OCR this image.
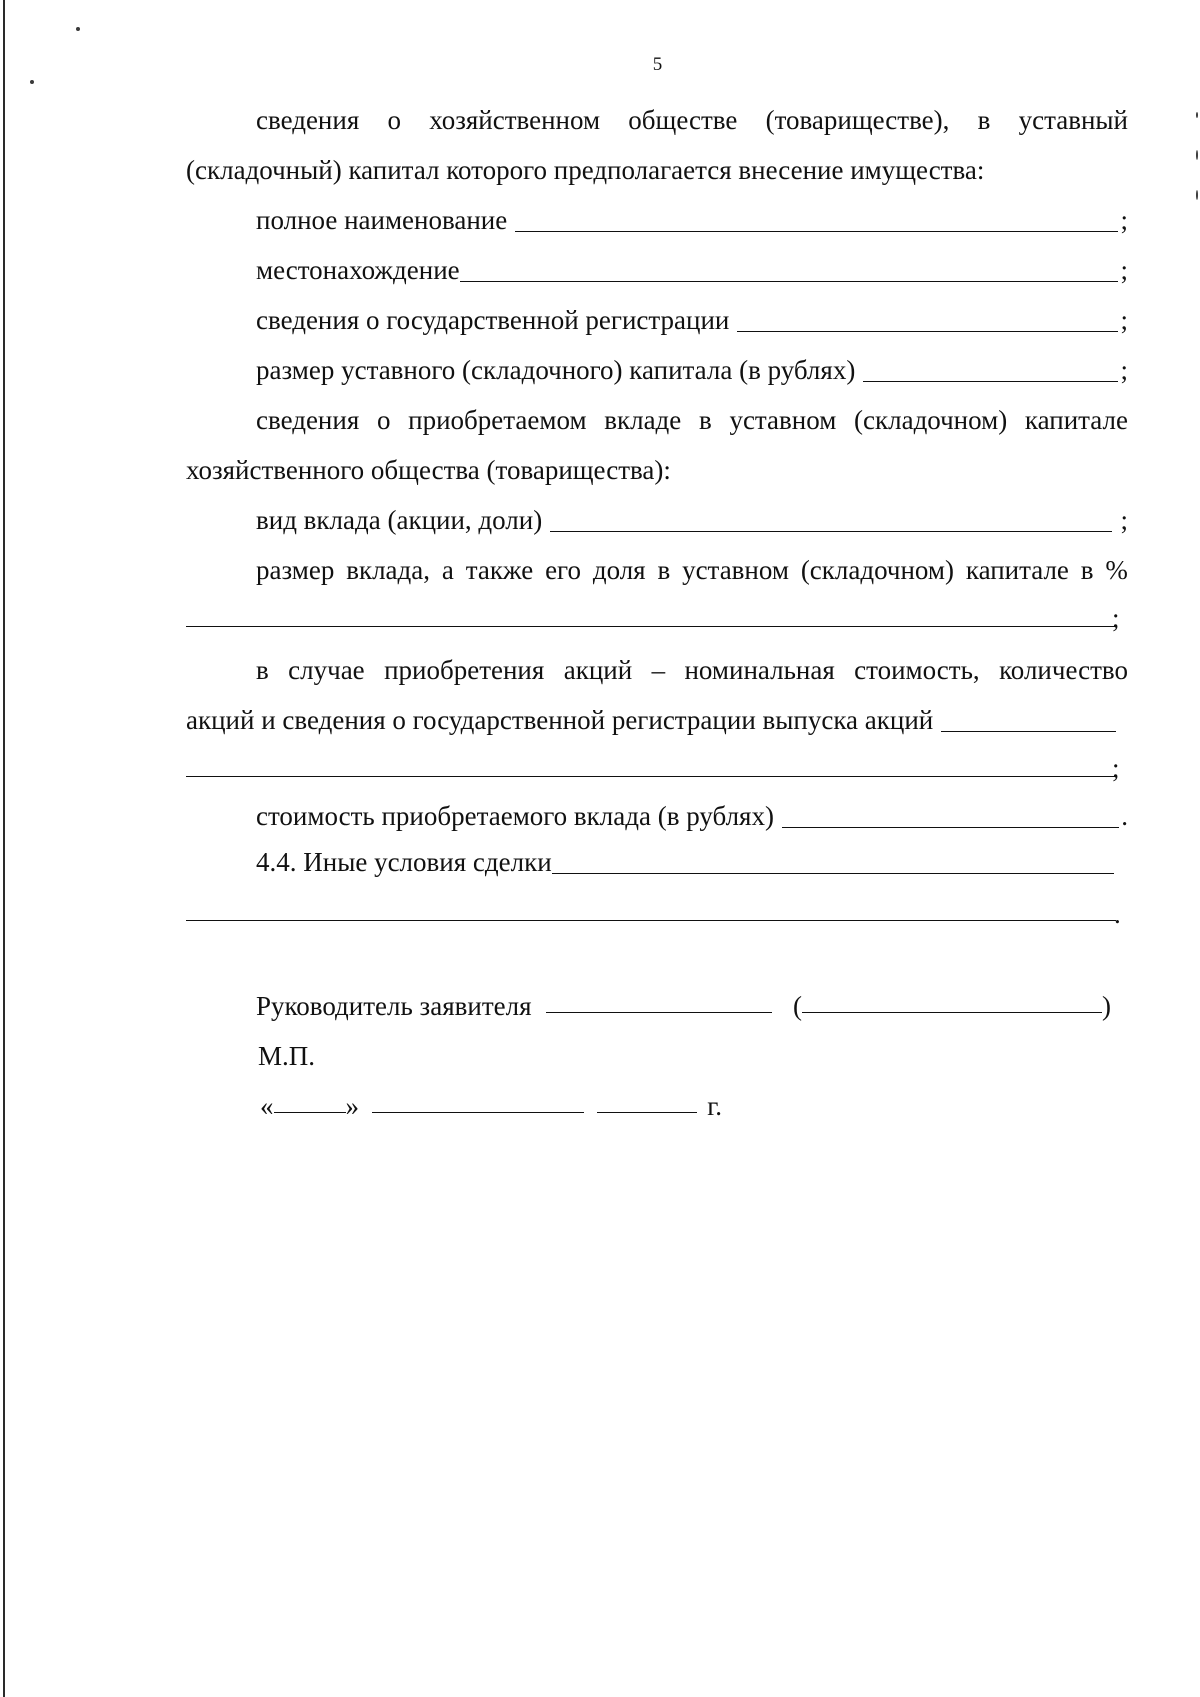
5
сведения о хозяйственном обществе (товариществе), в уставный
(складочный) капитал которого предполагается внесение имущества:
полное наименование	;
местонахождение	;
сведения о государственной регистрации	;
размер уставного (складочного) капитала (в рублях)	;
сведения о приобретаемом вкладе в уставном (складочном) капитале
хозяйственного общества (товарищества):
вид вклада (акции, доли)	;
размер вклада, а также его доля в уставном (складочном) капитале в %
;
в случае приобретения акций – номинальная стоимость, количество
акций и сведения о государственной регистрации выпуска акций
;
стоимость приобретаемого вклада (в рублях)	.
4.4. Иные условия сделки
.
Руководитель заявителя	(	)
М.П.
«	»	г.
